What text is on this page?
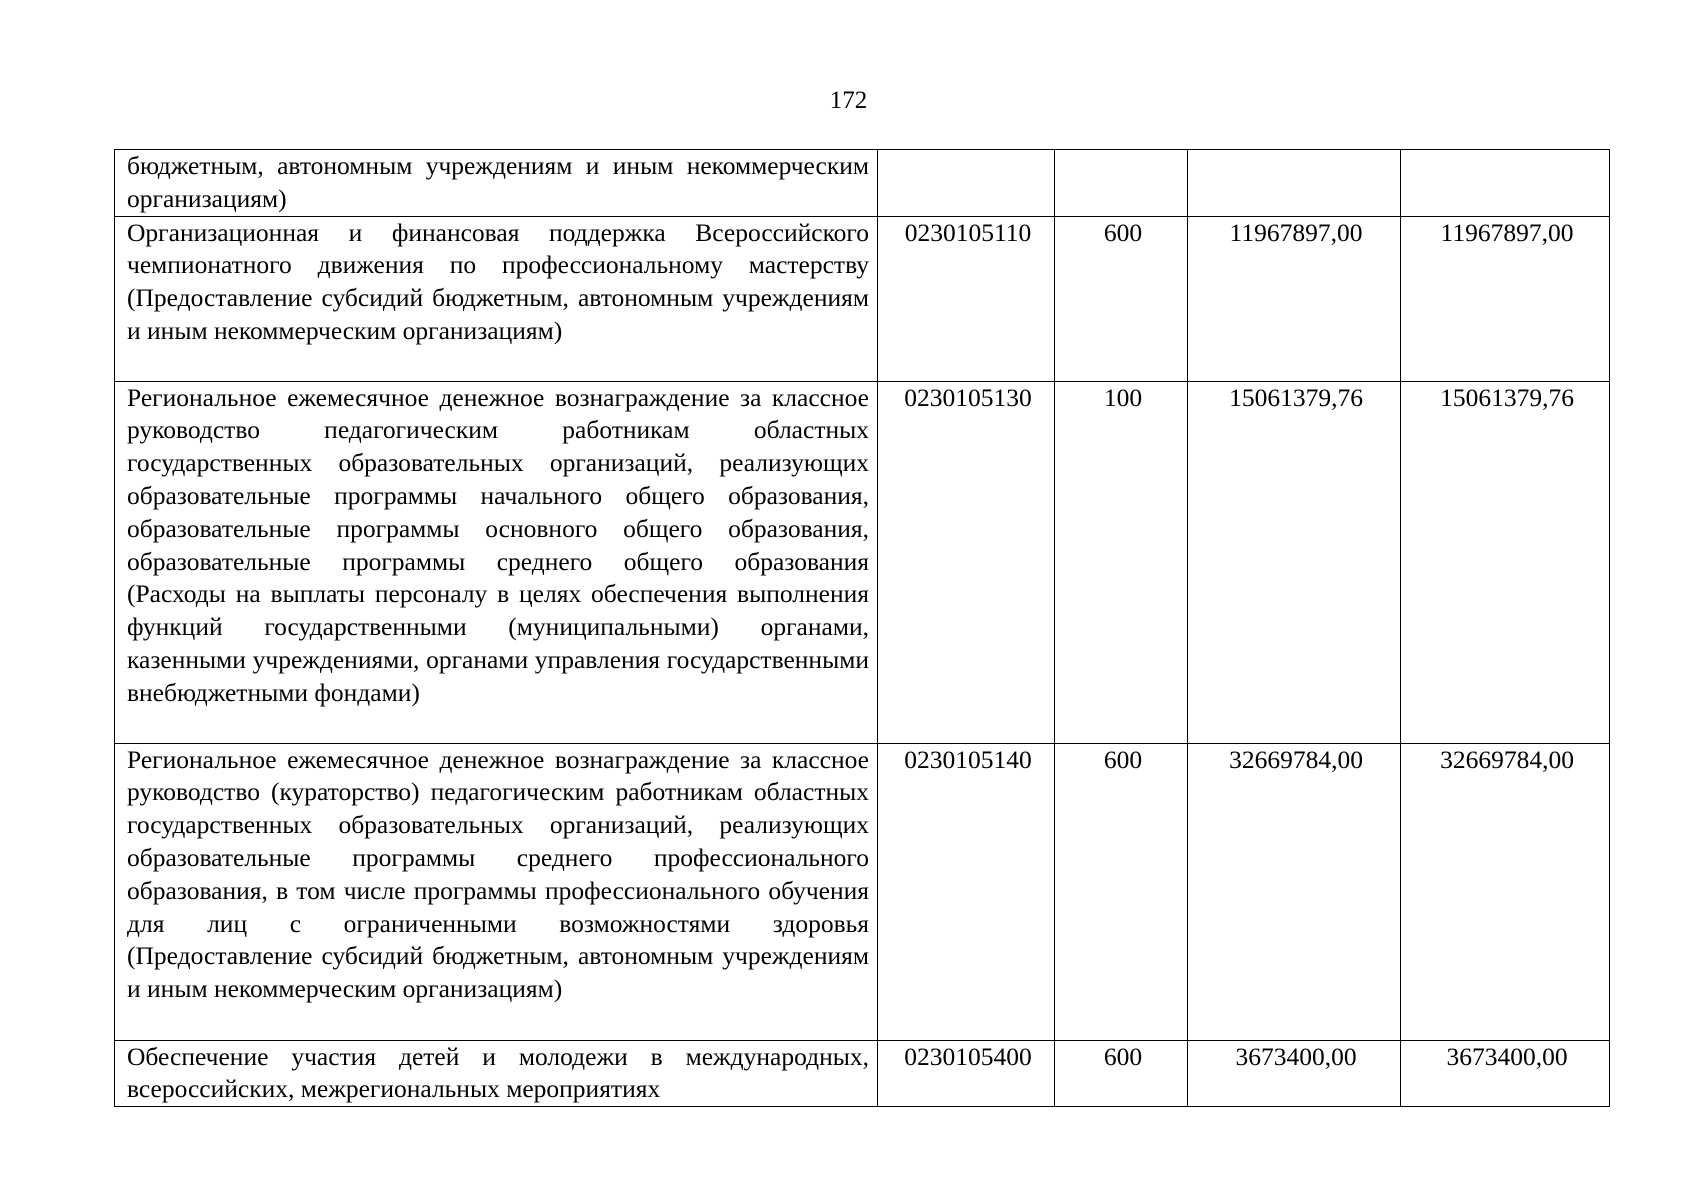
172
бюджетным, автономным учреждениям и иным некоммерческим организациям)				
Организационная и финансовая поддержка Всероссийского чемпионатного движения по профессиональному мастерству (Предоставление субсидий бюджетным, автономным учреждениям и иным некоммерческим организациям)	0230105110	600	11967897,00	11967897,00
Региональное ежемесячное денежное вознаграждение за классное руководство педагогическим работникам областных государственных образовательных организаций, реализующих образовательные программы начального общего образования, образовательные программы основного общего образования, образовательные программы среднего общего образования (Расходы на выплаты персоналу в целях обеспечения выполнения функций государственными (муниципальными) органами, казенными учреждениями, органами управления государственными внебюджетными фондами)	0230105130	100	15061379,76	15061379,76
Региональное ежемесячное денежное вознаграждение за классное руководство (кураторство) педагогическим работникам областных государственных образовательных организаций, реализующих образовательные программы среднего профессионального образования, в том числе программы профессионального обучения для лиц с ограниченными возможностями здоровья (Предоставление субсидий бюджетным, автономным учреждениям и иным некоммерческим организациям)	0230105140	600	32669784,00	32669784,00
Обеспечение участия детей и молодежи в международных, всероссийских, межрегиональных мероприятиях	0230105400	600	3673400,00	3673400,00
